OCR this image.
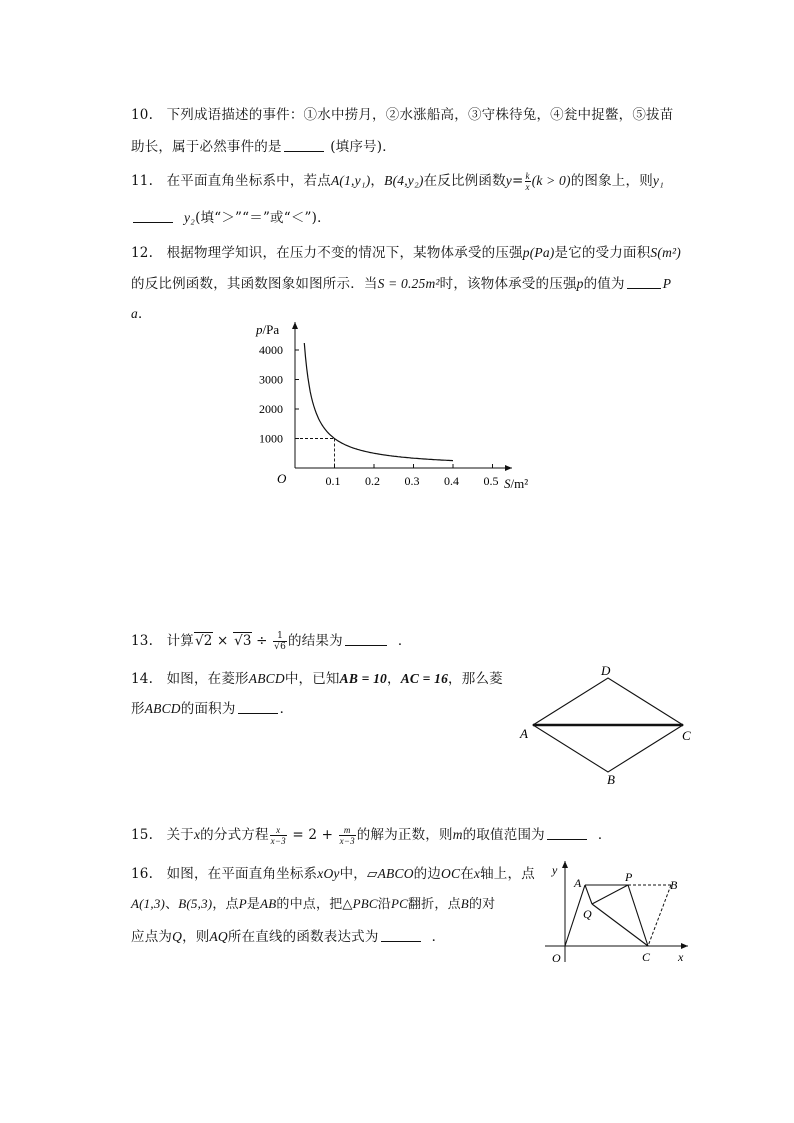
10. 下列成语描述的事件：①水中捞月，②水涨船高，③守株待兔，④瓮中捉鳖，⑤拔苗
助长，属于必然事件的是	(填序号)．
11. 在平面直角坐标系中，若点A(1,y₁)，B(4,y₂)在反比例函数$y= \frac{k}{x} (k > 0)$的图象上，则y₁
y₂(填“＞”“＝”或“＜”)．
12. 根据物理学知识，在压力不变的情况下，某物体承受的压强p(Pa)是它的受力面积S(m²)
的反比例函数，其函数图象如图所示．当S = 0.25m²时，该物体承受的压强p的值为	P
a．
p/Pa
S/m²
O	0.1 0.2 0.3 0.4 0.5
1000
2000
3000
4000
13. 计算$√2 \times √3 \div \frac{1}{√6}$ 的结果为	．
14. 如图，在菱形ABCD中，已知AB = 10，AC = 16，那么菱
形ABCD的面积为	．
A
D
C
B
15. 关于x的分式方程 $\frac{x}{x-3} = 2 + \frac{m}{x-3}$ 的解为正数，则m的取值范围为	．
16. 如图，在平面直角坐标系xOy中，▱ABCO的边OC在x轴上，点
A(1,3)、B(5,3)，点P是AB的中点，把△PBC沿PC翻折，点B的对
应点为Q，则AQ所在直线的函数表达式为	．
y
x
O
A	P
B
Q
C
